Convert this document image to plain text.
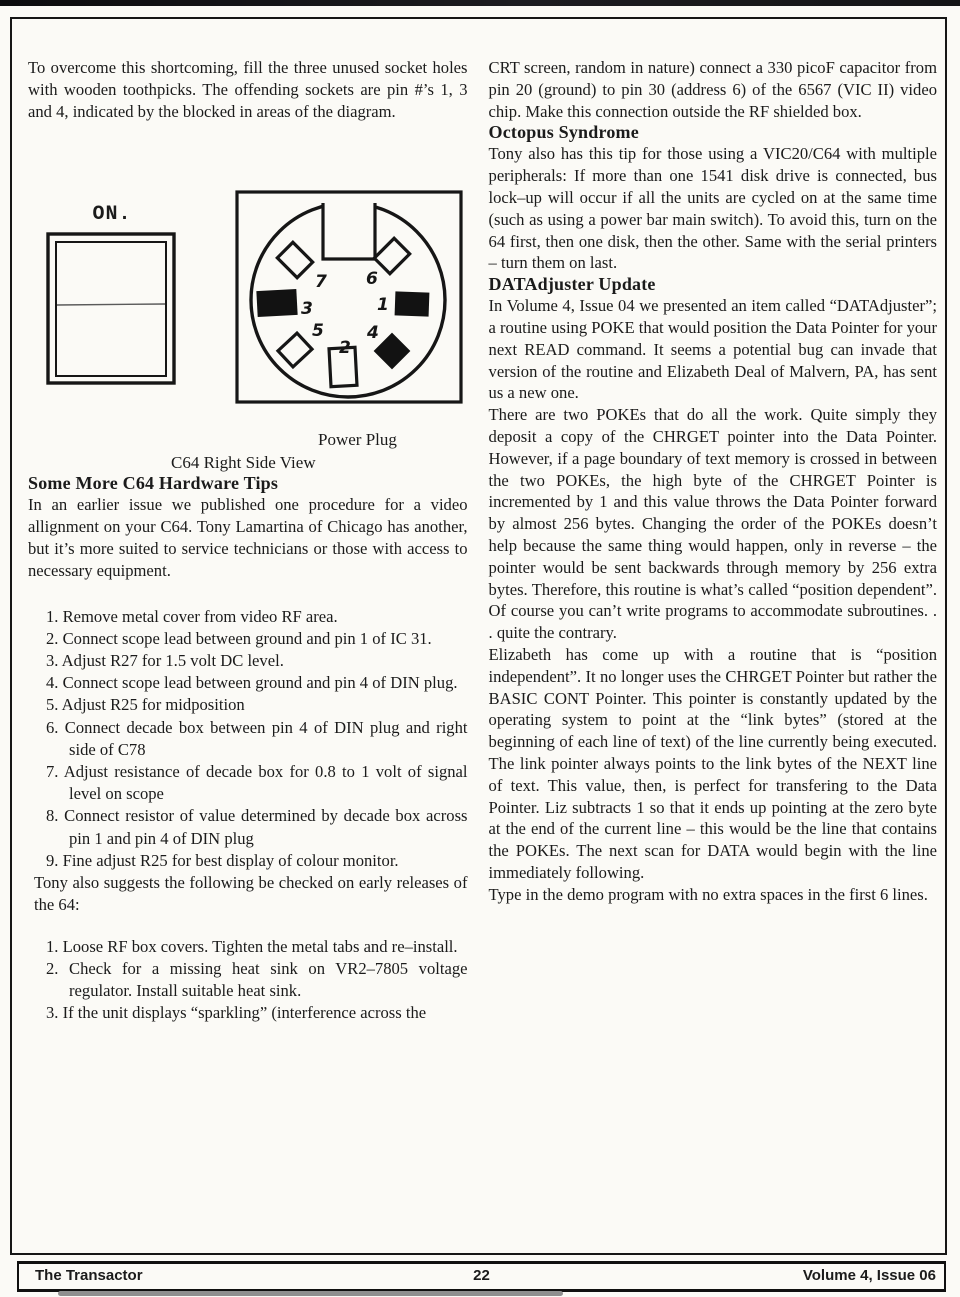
To overcome this shortcoming, fill the three unused socket holes with wooden toothpicks. The offending sockets are pin #’s 1, 3 and 4, indicated by the blocked in areas of the diagram.

ON.
7 6
3	1
5
2
4
Power Plug
C64 Right Side View
Some More C64 Hardware Tips

In an earlier issue we published one procedure for a video allignment on your C64. Tony Lamartina of Chicago has another, but it’s more suited to service technicians or those with access to necessary equipment.

1. Remove metal cover from video RF area.
2. Connect scope lead between ground and pin 1 of IC 31.
3. Adjust R27 for 1.5 volt DC level.
4. Connect scope lead between ground and pin 4 of DIN plug.
5. Adjust R25 for midposition
6. Connect decade box between pin 4 of DIN plug and right side of C78
7. Adjust resistance of decade box for 0.8 to 1 volt of signal level on scope
8. Connect resistor of value determined by decade box across pin 1 and pin 4 of DIN plug
9. Fine adjust R25 for best display of colour monitor.

Tony also suggests the following be checked on early releases of the 64:

1. Loose RF box covers. Tighten the metal tabs and re–install.
2. Check for a missing heat sink on VR2–7805 voltage regulator. Install suitable heat sink.
3. If the unit displays “sparkling” (interference across the

CRT screen, random in nature) connect a 330 picoF capacitor from pin 20 (ground) to pin 30 (address 6) of the 6567 (VIC II) video chip. Make this connection outside the RF shielded box.

Octopus Syndrome

Tony also has this tip for those using a VIC20/C64 with multiple peripherals: If more than one 1541 disk drive is connected, bus lock–up will occur if all the units are cycled on at the same time (such as using a power bar main switch). To avoid this, turn on the 64 first, then one disk, then the other. Same with the serial printers – turn them on last.

DATAdjuster Update

In Volume 4, Issue 04 we presented an item called “DATAdjuster”; a routine using POKE that would position the Data Pointer for your next READ command. It seems a potential bug can invade that version of the routine and Elizabeth Deal of Malvern, PA, has sent us a new one.

There are two POKEs that do all the work. Quite simply they deposit a copy of the CHRGET pointer into the Data Pointer. However, if a page boundary of text memory is crossed in between the two POKEs, the high byte of the CHRGET Pointer is incremented by 1 and this value throws the Data Pointer forward by almost 256 bytes. Changing the order of the POKEs doesn’t help because the same thing would happen, only in reverse – the pointer would be sent backwards through memory by 256 extra bytes. Therefore, this routine is what’s called “position dependent”. Of course you can’t write programs to accommodate subroutines. . . quite the contrary.

Elizabeth has come up with a routine that is “position independent”. It no longer uses the CHRGET Pointer but rather the BASIC CONT Pointer. This pointer is constantly updated by the operating system to point at the “link bytes” (stored at the beginning of each line of text) of the line currently being executed. The link pointer always points to the link bytes of the NEXT line of text. This value, then, is perfect for transfering to the Data Pointer. Liz subtracts 1 so that it ends up pointing at the zero byte at the end of the current line – this would be the line that contains the POKEs. The next scan for DATA would begin with the line immediately following.

Type in the demo program with no extra spaces in the first 6 lines.

The Transactor	22	Volume 4, Issue 06
